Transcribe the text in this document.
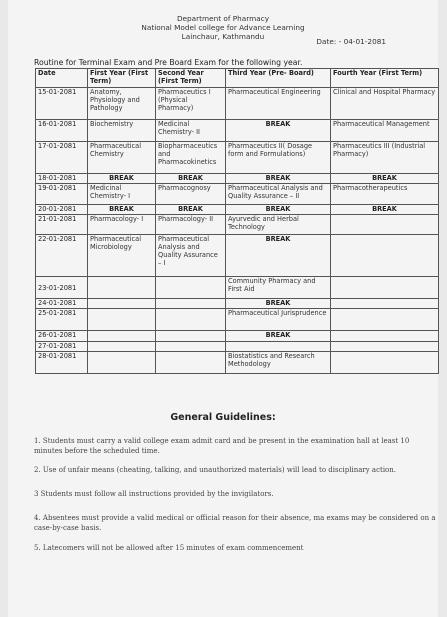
Department of Pharmacy
National Model college for Advance Learning
Lainchaur, Kathmandu
Date: - 04-01-2081
Routine for Terminal Exam and Pre Board Exam for the following year.
Date	First Year (First Term)	Second Year (First Term)	Third Year (Pre- Board)	Fourth Year (First Term)
15-01-2081	Anatomy, Physiology and Pathology	Pharmaceutics I (Physical Pharmacy)	Pharmaceutical Engineering	Clinical and Hospital Pharmacy
16-01-2081	Biochemistry	Medicinal Chemistry- II	BREAK	Pharmaceutical Management
17-01-2081	Pharmaceutical Chemistry	Biopharmaceutics and Pharmacokinetics	Pharmaceutics II( Dosage form and Formulations)	Pharmaceutics III (Industrial Pharmacy)
18-01-2081	BREAK	BREAK	BREAK	BREAK
19-01-2081	Medicinal Chemistry- I	Pharmacognosy	Pharmaceutical Analysis and Quality Assurance – II	Pharmacotherapeutics
20-01-2081	BREAK	BREAK	BREAK	BREAK
21-01-2081	Pharmacology- I	Pharmacology- II	Ayurvedic and Herbal Technology	
22-01-2081	Pharmaceutical Microbiology	Pharmaceutical Analysis and Quality Assurance – I	BREAK	
23-01-2081			Community Pharmacy and First Aid	
24-01-2081			BREAK	
25-01-2081			Pharmaceutical Jurisprudence	
26-01-2081			BREAK	
27-01-2081				
28-01-2081			Biostatistics and Research Methodology	
General Guidelines:
1. Students must carry a valid college exam admit card and be present in the examination hall at least 10 minutes before the scheduled time.
2. Use of unfair means (cheating, talking, and unauthorized materials) will lead to disciplinary action.
3 Students must follow all instructions provided by the invigilators.
4. Absentees must provide a valid medical or official reason for their absence, ma exams may be considered on a case-by-case basis.
5. Latecomers will not be allowed after 15 minutes of exam commencement
